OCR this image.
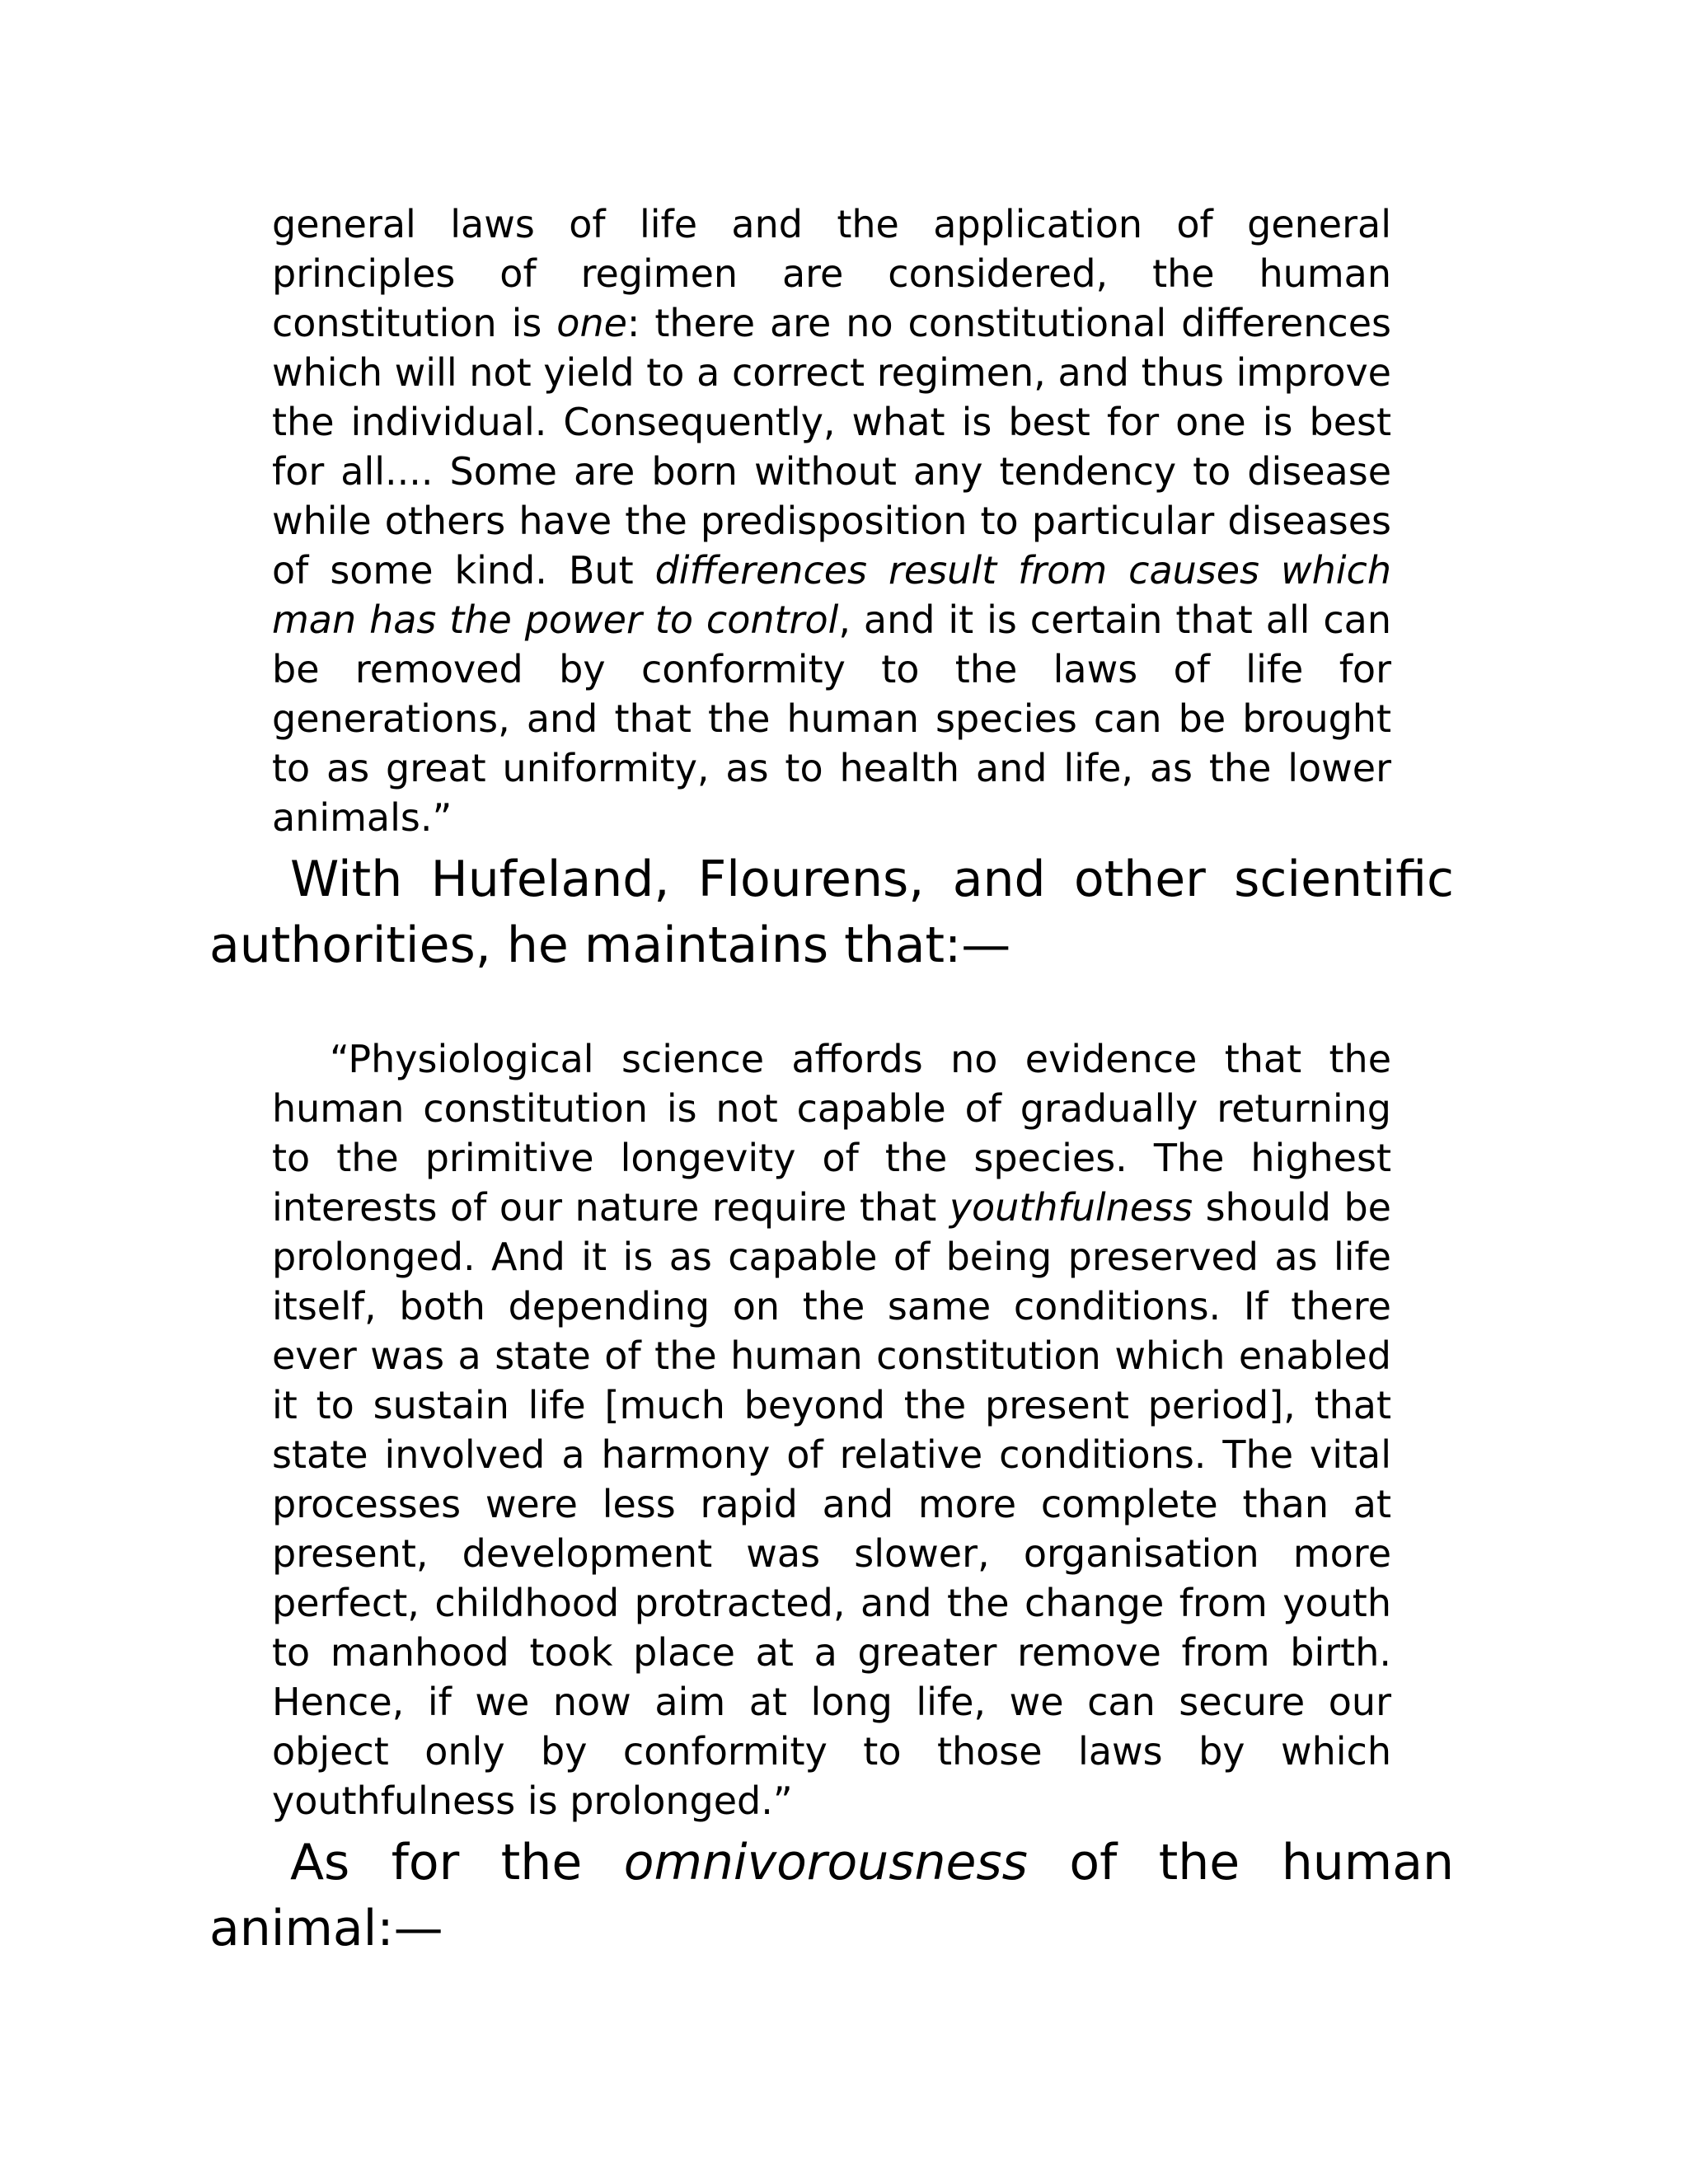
general laws of life and the application of general principles of regimen are considered, the human constitution is one: there are no constitutional differences which will not yield to a correct regimen, and thus improve the individual. Consequently, what is best for one is best for all.... Some are born without any tendency to disease while others have the predisposition to particular diseases of some kind. But differences result from causes which man has the power to control, and it is certain that all can be removed by conformity to the laws of life for generations, and that the human species can be brought to as great uniformity, as to health and life, as the lower animals.”

With Hufeland, Flourens, and other scientific authorities, he maintains that:—

“Physiological science affords no evidence that the human constitution is not capable of gradually returning to the primitive longevity of the species. The highest interests of our nature require that youthfulness should be prolonged. And it is as capable of being preserved as life itself, both depending on the same conditions. If there ever was a state of the human constitution which enabled it to sustain life [much beyond the present period], that state involved a harmony of relative conditions. The vital processes were less rapid and more complete than at present, development was slower, organisation more perfect, childhood protracted, and the change from youth to manhood took place at a greater remove from birth. Hence, if we now aim at long life, we can secure our object only by conformity to those laws by which youthfulness is prolonged.”

As for the omnivorousness of the human animal:—
